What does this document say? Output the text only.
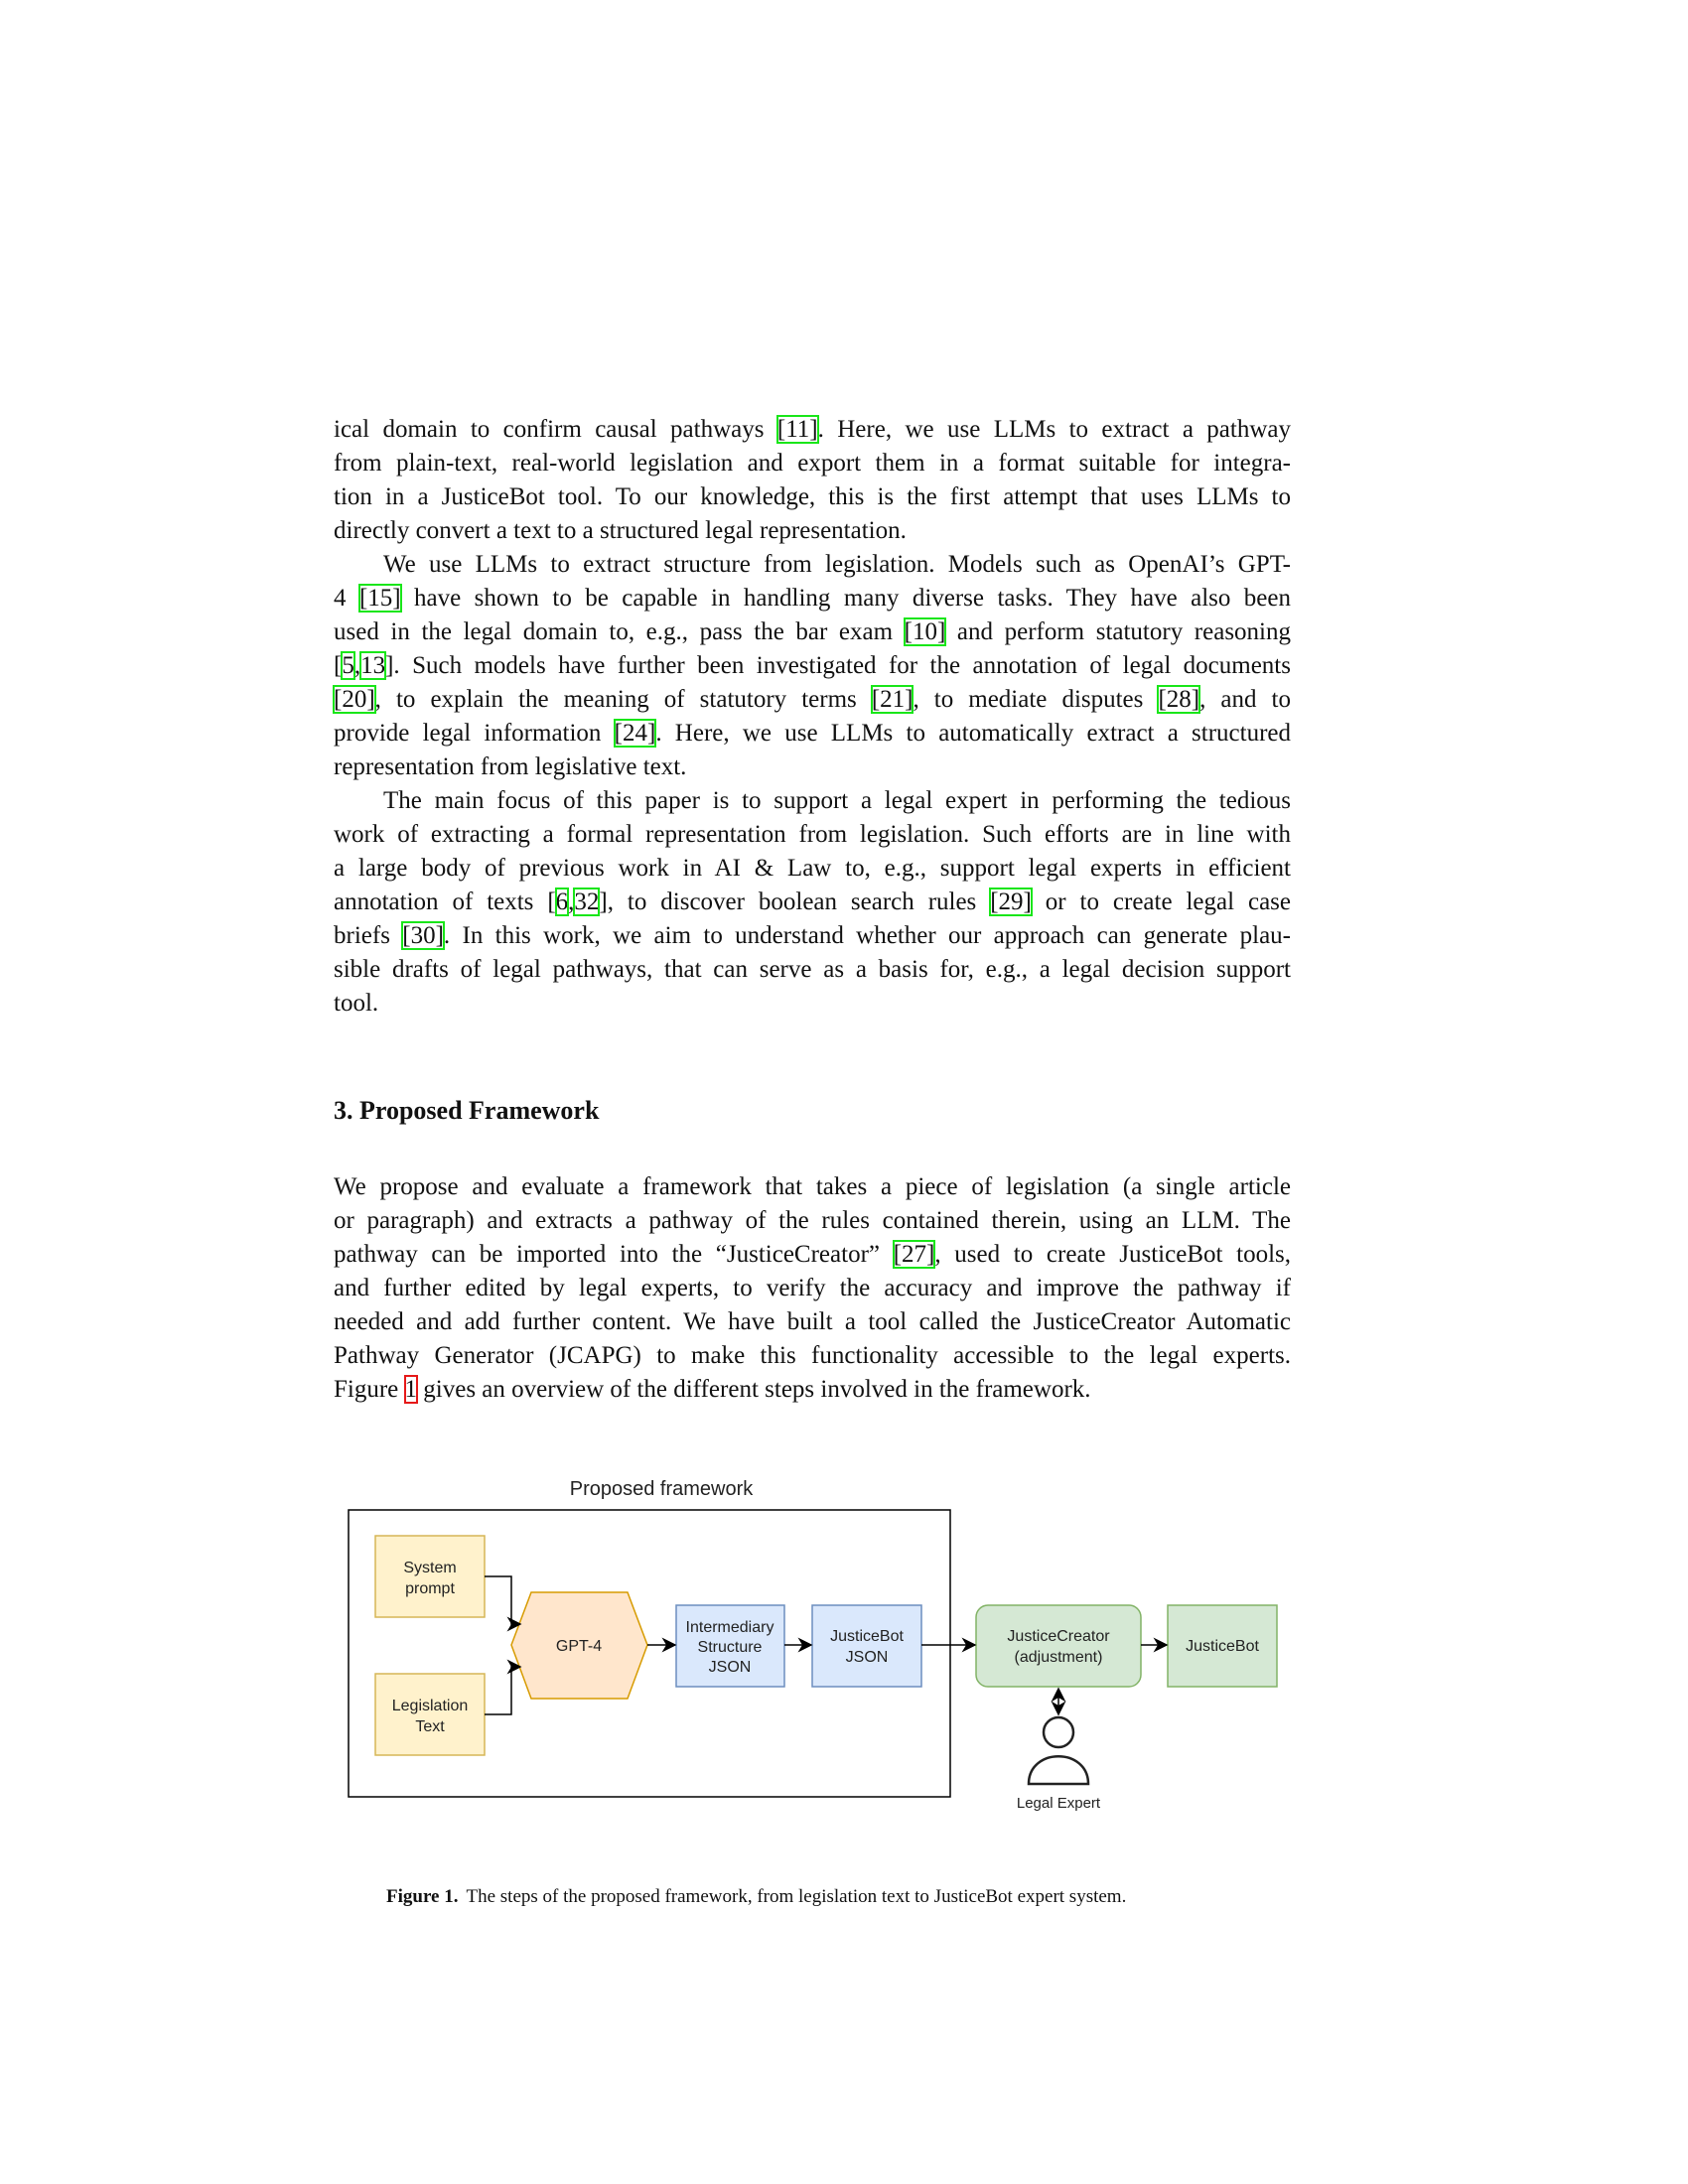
ical domain to confirm causal pathways [11]. Here, we use LLMs to extract a pathway
from plain-text, real-world legislation and export them in a format suitable for integra-
tion in a JusticeBot tool. To our knowledge, this is the first attempt that uses LLMs to
directly convert a text to a structured legal representation.
We use LLMs to extract structure from legislation. Models such as OpenAI’s GPT-
4 [15] have shown to be capable in handling many diverse tasks. They have also been
used in the legal domain to, e.g., pass the bar exam [10] and perform statutory reasoning
[5,13]. Such models have further been investigated for the annotation of legal documents
[20], to explain the meaning of statutory terms [21], to mediate disputes [28], and to
provide legal information [24]. Here, we use LLMs to automatically extract a structured
representation from legislative text.
The main focus of this paper is to support a legal expert in performing the tedious
work of extracting a formal representation from legislation. Such efforts are in line with
a large body of previous work in AI & Law to, e.g., support legal experts in efficient
annotation of texts [6,32], to discover boolean search rules [29] or to create legal case
briefs [30]. In this work, we aim to understand whether our approach can generate plau-
sible drafts of legal pathways, that can serve as a basis for, e.g., a legal decision support
tool.
3. Proposed Framework
We propose and evaluate a framework that takes a piece of legislation (a single article
or paragraph) and extracts a pathway of the rules contained therein, using an LLM. The
pathway can be imported into the “JusticeCreator” [27], used to create JusticeBot tools,
and further edited by legal experts, to verify the accuracy and improve the pathway if
needed and add further content. We have built a tool called the JusticeCreator Automatic
Pathway Generator (JCAPG) to make this functionality accessible to the legal experts.
Figure 1 gives an overview of the different steps involved in the framework.
Proposed framework
System
prompt
Legislation
Text
GPT-4
Intermediary
Structure
JSON
JusticeBot
JSON
JusticeCreator
(adjustment)
JusticeBot
Legal Expert
Figure 1. The steps of the proposed framework, from legislation text to JusticeBot expert system.
